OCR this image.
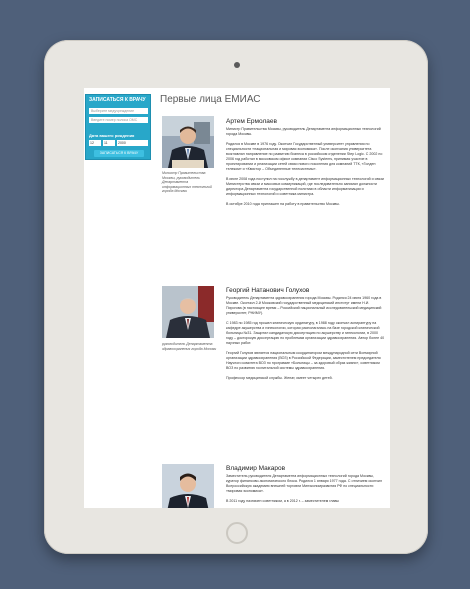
ЗАПИСАТЬСЯ К ВРАЧУ
Выберите медучреждение
Введите номер полиса ОМС
Дата вашего рождения
12	11	2000
ЗАПИСАТЬСЯ К ВРАЧУ
Первые лица ЕМИАС
Министр Правительства Москвы, руководитель Департамента информационных технологий города Москвы
Артем Ермолаев

Министр Правительства Москвы, руководитель Департамента информационных технологий города Москвы.

Родился в Москве в 1976 году. Окончил Государственный университет управления по специальности «национальная и мировая экономика». После окончания университета возглавлял направление по развитию бизнеса в российском отделении Step Logic. С 2002 по 2006 год работал в московском офисе компании Cisco Systems, принимая участие в проектировании и реализации сетей связи нового поколения для компаний ТТК, «Голден телеком» и «Квистор – Объединенные телесистемы».

В июле 2008 года поступил на госслужбу в департамент информационных технологий и связи Министерства связи и массовых коммуникаций, где последовательно занимал должности директора Департамента государственной политики в области информатизации и информационных технологий и советника министра.

В октябре 2010 года приглашен на работу в правительство Москвы.

руководитель Департамента здравоохранения города Москвы
Георгий Натанович Голухов

Руководитель Департамента здравоохранения города Москвы. Родился 24 июня 1960 года в Москве. Окончил 2-й Московский государственный медицинский институт имени Н.И. Пирогова (в настоящее время – Российский национальный исследовательский медицинский университет, РНИМУ).

С 1983 по 1985 год прошел клиническую ординатуру, в 1988 году окончил аспирантуру на кафедре акушерства и гинекологии, которая располагалась на базе городской клинической больницы №31. Защитил кандидатскую диссертацию по акушерству и гинекологии, в 2000 году – докторскую диссертацию по проблемам организации здравоохранения. Автор более 40 научных работ.

Георгий Голухов является национальным координатором международной сети Всемирной организации здравоохранения (ВОЗ) в Российской Федерации, заместителем председателя Научного комитета ВОЗ по программе «Больницы – за здоровый образ жизни», советником ВОЗ по развитию госпитальной системы здравоохранения.

Профессор медицинской службы. Женат, имеет четырех детей.

Владимир Макаров

Заместитель руководителя Департамента информационных технологий города Москвы, куратор финансово-экономического блока. Родился 1 января 1977 года. С отличием окончил Всероссийскую академию внешней торговли Минэкономразвития РФ по специальности «мировая экономика».

В 2011 году назначен советником, а в 2012 г. – заместителем главы
